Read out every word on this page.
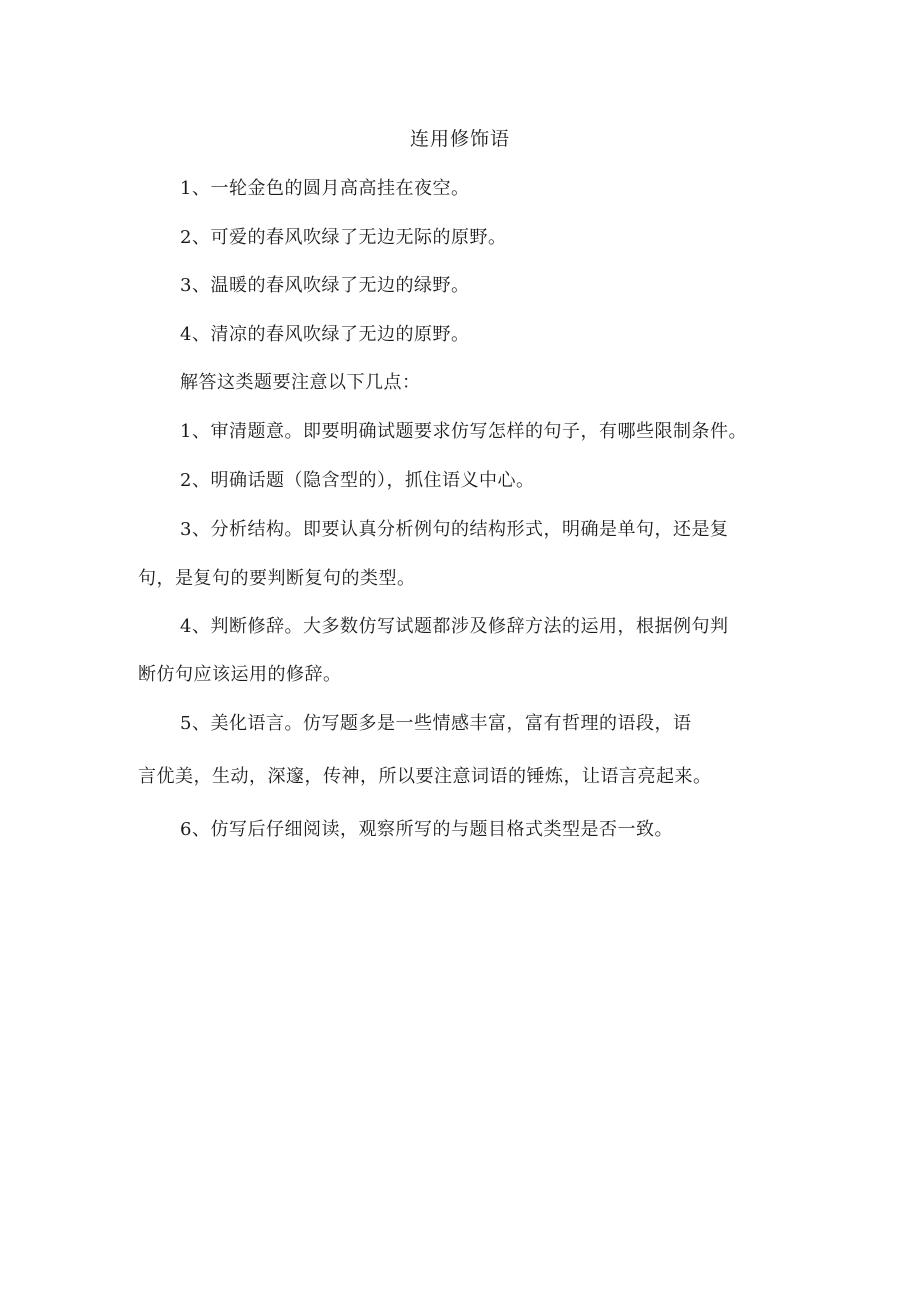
连用修饰语
1、一轮金色的圆月高高挂在夜空。
2、可爱的春风吹绿了无边无际的原野。
3、温暖的春风吹绿了无边的绿野。
4、清凉的春风吹绿了无边的原野。
解答这类题要注意以下几点：
1、审清题意。即要明确试题要求仿写怎样的句子，有哪些限制条件。
2、明确话题（隐含型的），抓住语义中心。
3、分析结构。即要认真分析例句的结构形式，明确是单句，还是复
句，是复句的要判断复句的类型。
4、判断修辞。大多数仿写试题都涉及修辞方法的运用，根据例句判
断仿句应该运用的修辞。
5、美化语言。仿写题多是一些情感丰富，富有哲理的语段，语
言优美，生动，深邃，传神，所以要注意词语的锤炼，让语言亮起来。
6、仿写后仔细阅读，观察所写的与题目格式类型是否一致。
